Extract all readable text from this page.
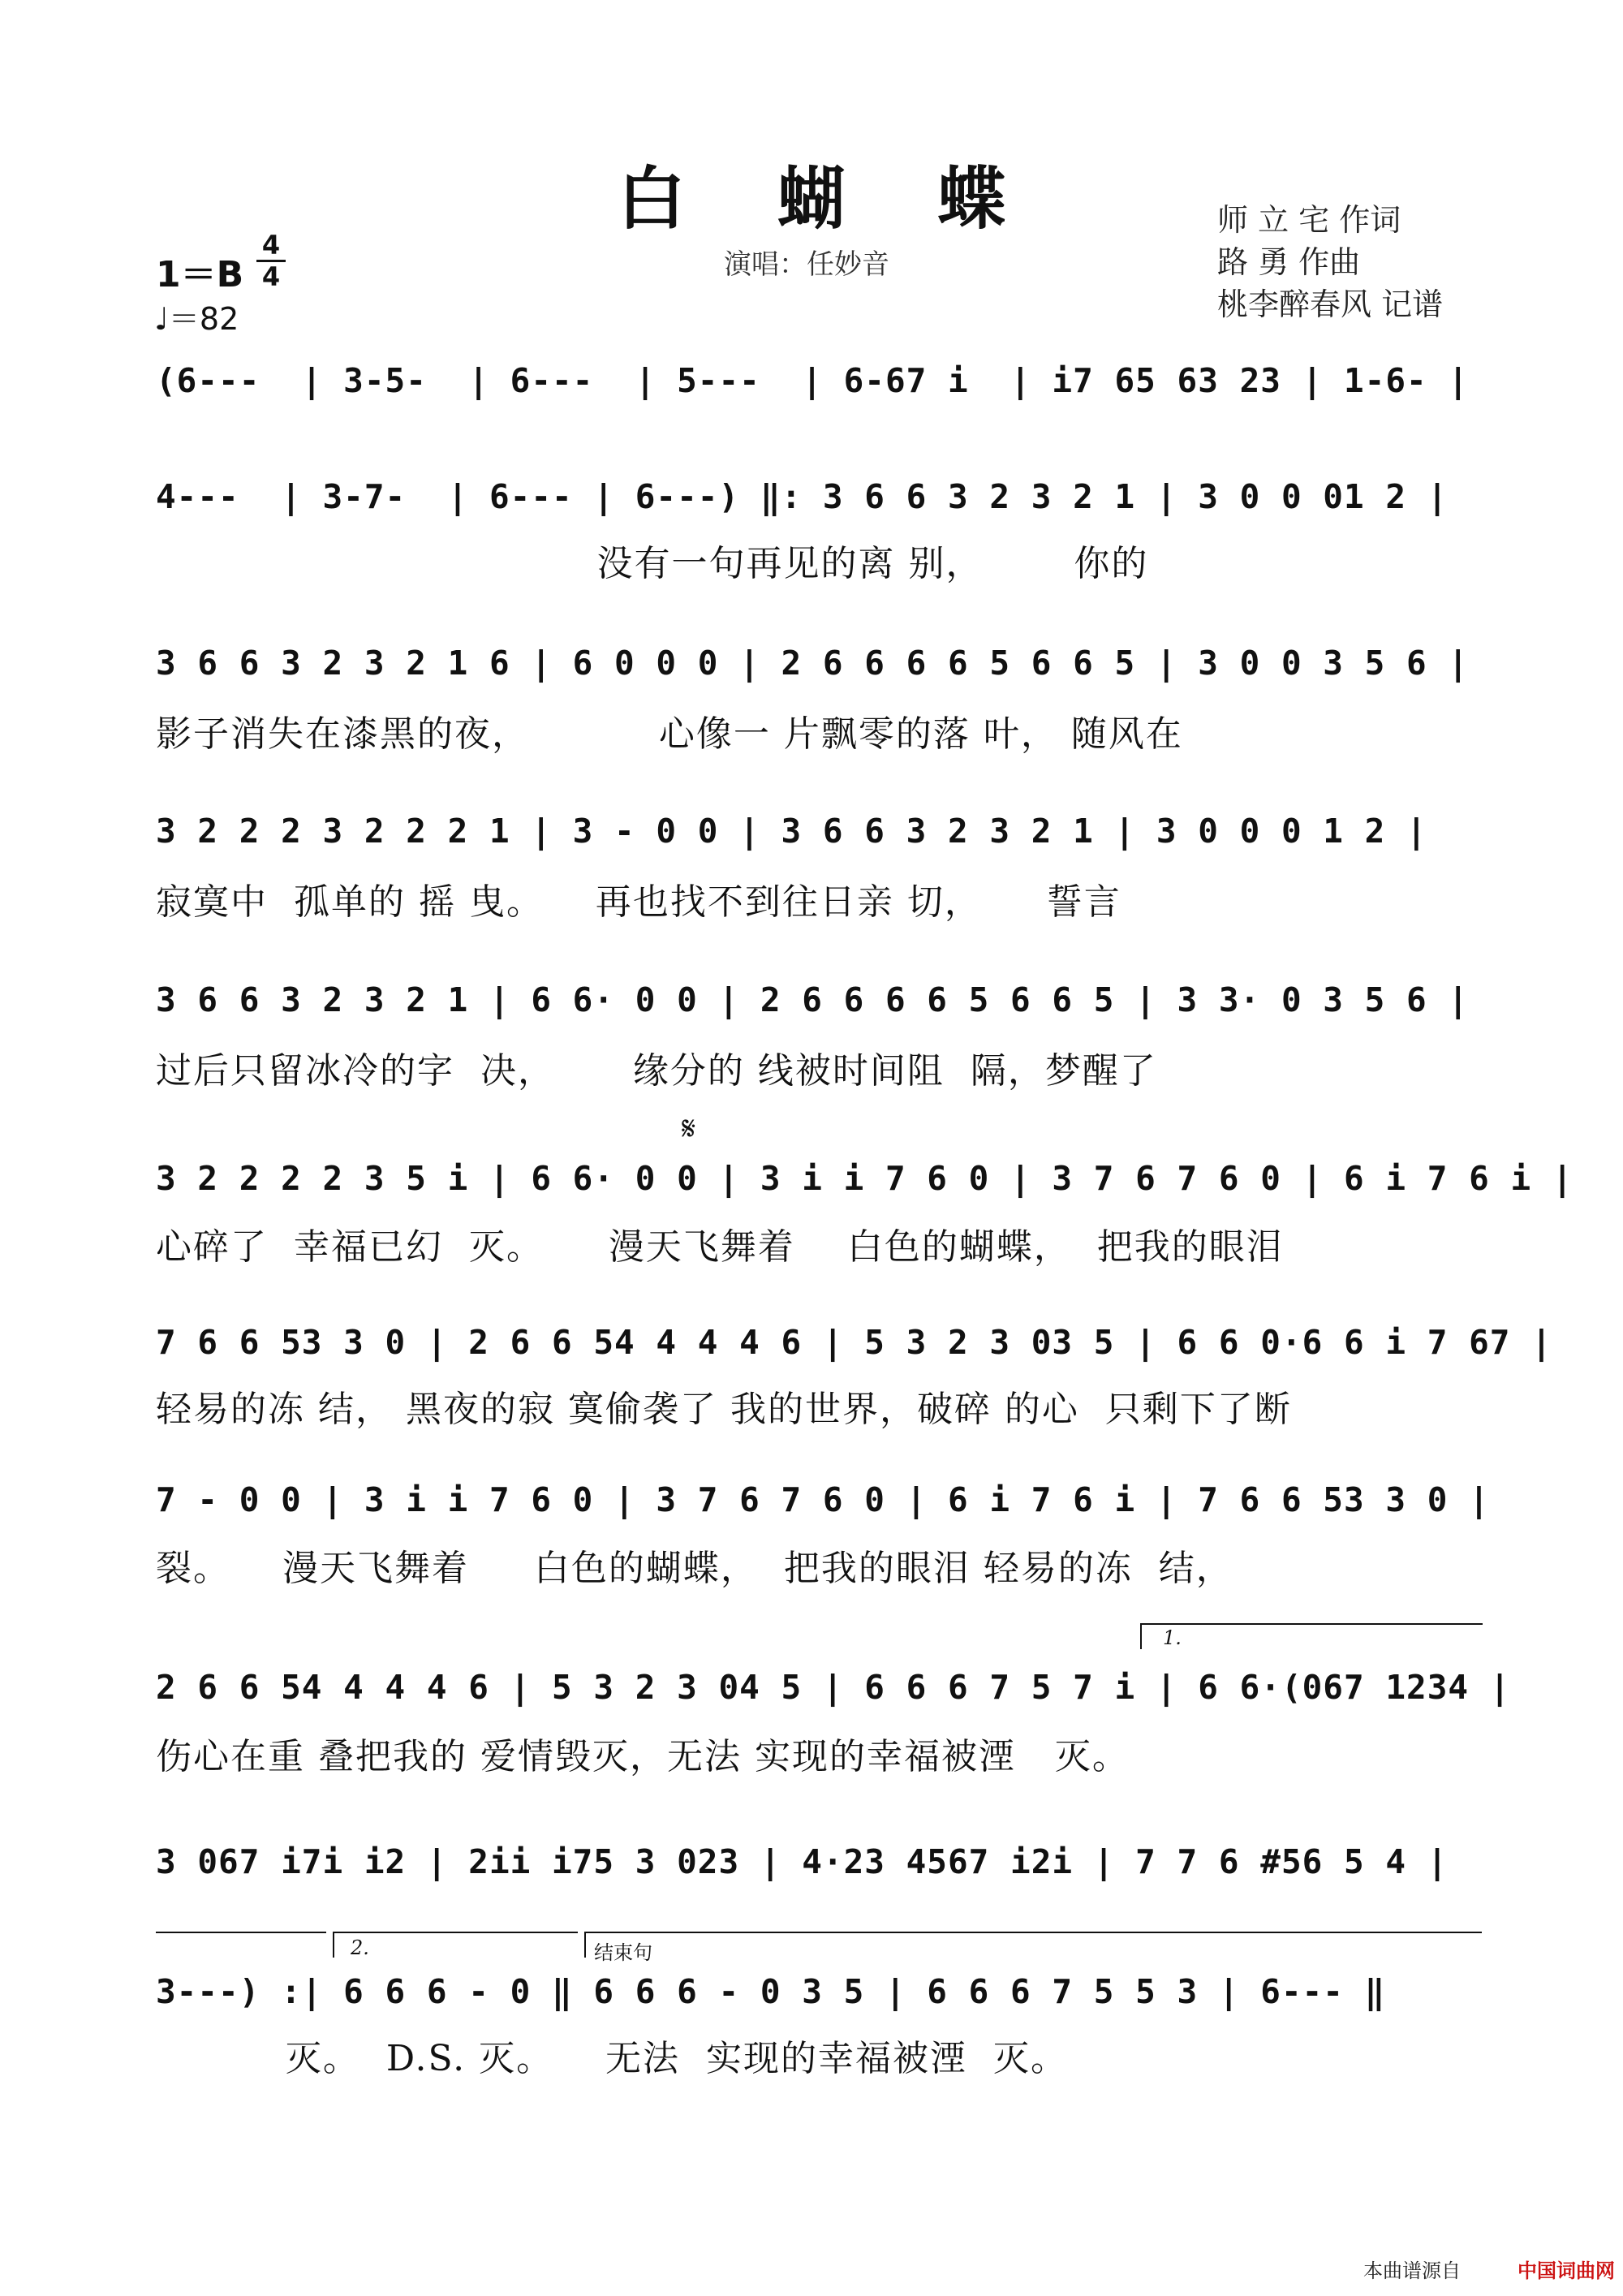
白 蝴 蝶
演唱：任妙音
师 立 宅 作词
路 勇 作曲
桃李醉春风 记谱
1＝B
4
4
♩＝82
(6---  | 3-5-  | 6---  | 5---  | 6-67 i  | i7 65 63 23 | 1-6- |
4---  | 3-7-  | 6--- | 6---) ‖: 3 6 6 3 2 3 2 1 | 3 0 0 01 2 |
没有一句再见的离 别，       你的
3 6 6 3 2 3 2 1 6 | 6 0 0 0 | 2 6 6 6 6 5 6 6 5 | 3 0 0 3 5 6 |
影子消失在漆黑的夜，          心像一 片飘零的落 叶， 随风在
3 2 2 2 3 2 2 2 1 | 3 - 0 0 | 3 6 6 3 2 3 2 1 | 3 0 0 0 1 2 |
寂寞中  孤单的 摇 曳。    再也找不到往日亲 切，     誓言
3 6 6 3 2 3 2 1 | 6 6· 0 0 | 2 6 6 6 6 5 6 6 5 | 3 3· 0 3 5 6 |
过后只留冰冷的字  决，      缘分的 线被时间阻  隔，梦醒了
𝄋
3 2 2 2 2 3 5 i | 6 6· 0 0 | 3 i i 7 6 0 | 3 7 6 7 6 0 | 6 i 7 6 i |
心碎了  幸福已幻  灭。     漫天飞舞着    白色的蝴蝶，  把我的眼泪
7 6 6 53 3 0 | 2 6 6 54 4 4 4 6 | 5 3 2 3 03 5 | 6 6 0·6 6 i 7 67 |
轻易的冻 结， 黑夜的寂 寞偷袭了 我的世界，破碎 的心  只剩下了断
7 - 0 0 | 3 i i 7 6 0 | 3 7 6 7 6 0 | 6 i 7 6 i | 7 6 6 53 3 0 |
裂。    漫天飞舞着     白色的蝴蝶，  把我的眼泪 轻易的冻  结，
1.
2 6 6 54 4 4 4 6 | 5 3 2 3 04 5 | 6 6 6 7 5 7 i | 6 6·(067 1234 |
伤心在重 叠把我的 爱情毁灭，无法 实现的幸福被湮   灭。
3 067 i7i i2 | 2ii i75 3 023 | 4·23 4567 i2i | 7 7 6 #56 5 4 |
2.	结束句
3---) :| 6 6 6 - 0 ‖ 6 6 6 - 0 3 5 | 6 6 6 7 5 5 3 | 6--- ‖
灭。  D.S. 灭。    无法  实现的幸福被湮  灭。
本曲谱源自	中国词曲网
